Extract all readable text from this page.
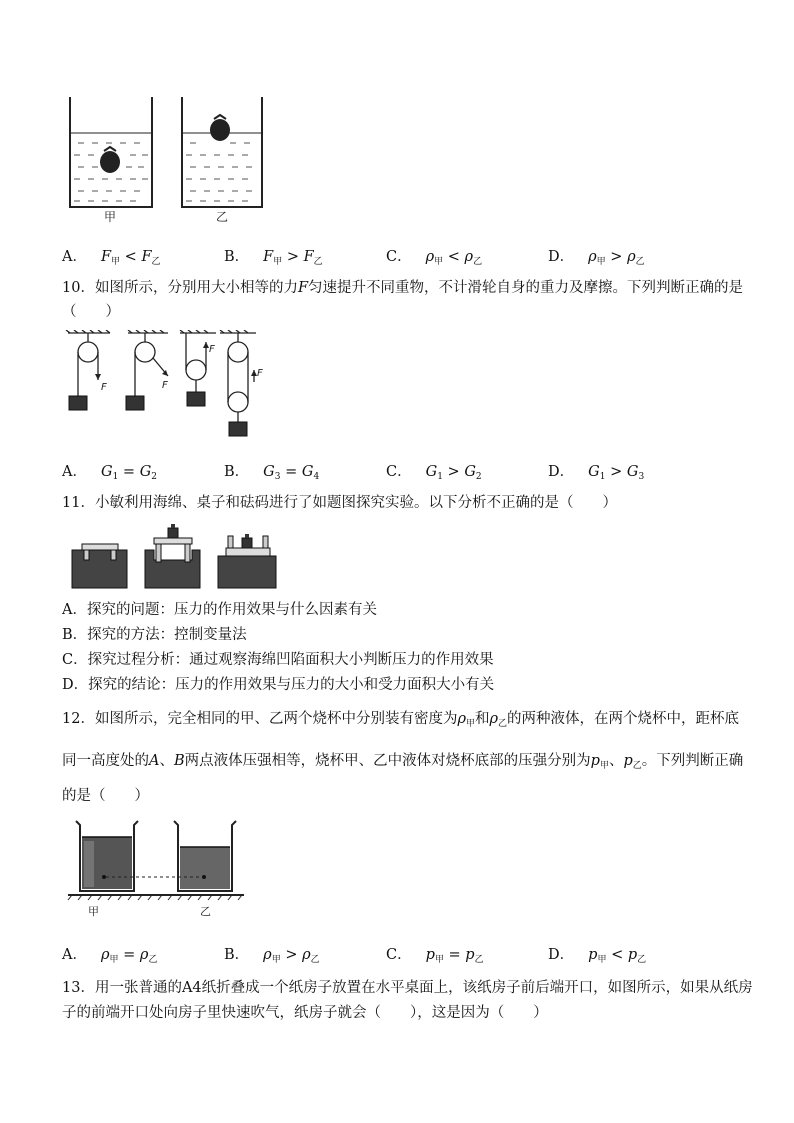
甲	乙
A． $F_甲 < F_乙$	B． $F_甲 > F_乙$	C． $\rho_甲 < \rho_乙$	D． $\rho_甲 > \rho_乙$
10．如图所示，分别用大小相等的力F匀速提升不同重物，不计滑轮自身的重力及摩擦。下列判断正确的是
（　　）
F	F
F
F
A． $G_1 = G_2$	B． $G_3 = G_4$	C． $G_1 > G_2$	D． $G_1 > G_3$
11．小敏利用海绵、桌子和砝码进行了如题图探究实验。以下分析不正确的是（　　）
A．探究的问题：压力的作用效果与什么因素有关
B．探究的方法：控制变量法
C．探究过程分析：通过观察海绵凹陷面积大小判断压力的作用效果
D．探究的结论：压力的作用效果与压力的大小和受力面积大小有关
12．如图所示，完全相同的甲、乙两个烧杯中分别装有密度为$\rho_甲$和$\rho_乙$的两种液体，在两个烧杯中，距杯底
同一高度处的A、B两点液体压强相等，烧杯甲、乙中液体对烧杯底部的压强分别为$p_甲$、$p_乙$。下列判断正确
的是（　　）
甲	乙
A． $\rho_甲 = \rho_乙$	B． $\rho_甲 > \rho_乙$	C． $p_甲 = p_乙$	D． $p_甲 < p_乙$
13．用一张普通的A4纸折叠成一个纸房子放置在水平桌面上，该纸房子前后端开口，如图所示，如果从纸房
子的前端开口处向房子里快速吹气，纸房子就会（　　），这是因为（　　）
